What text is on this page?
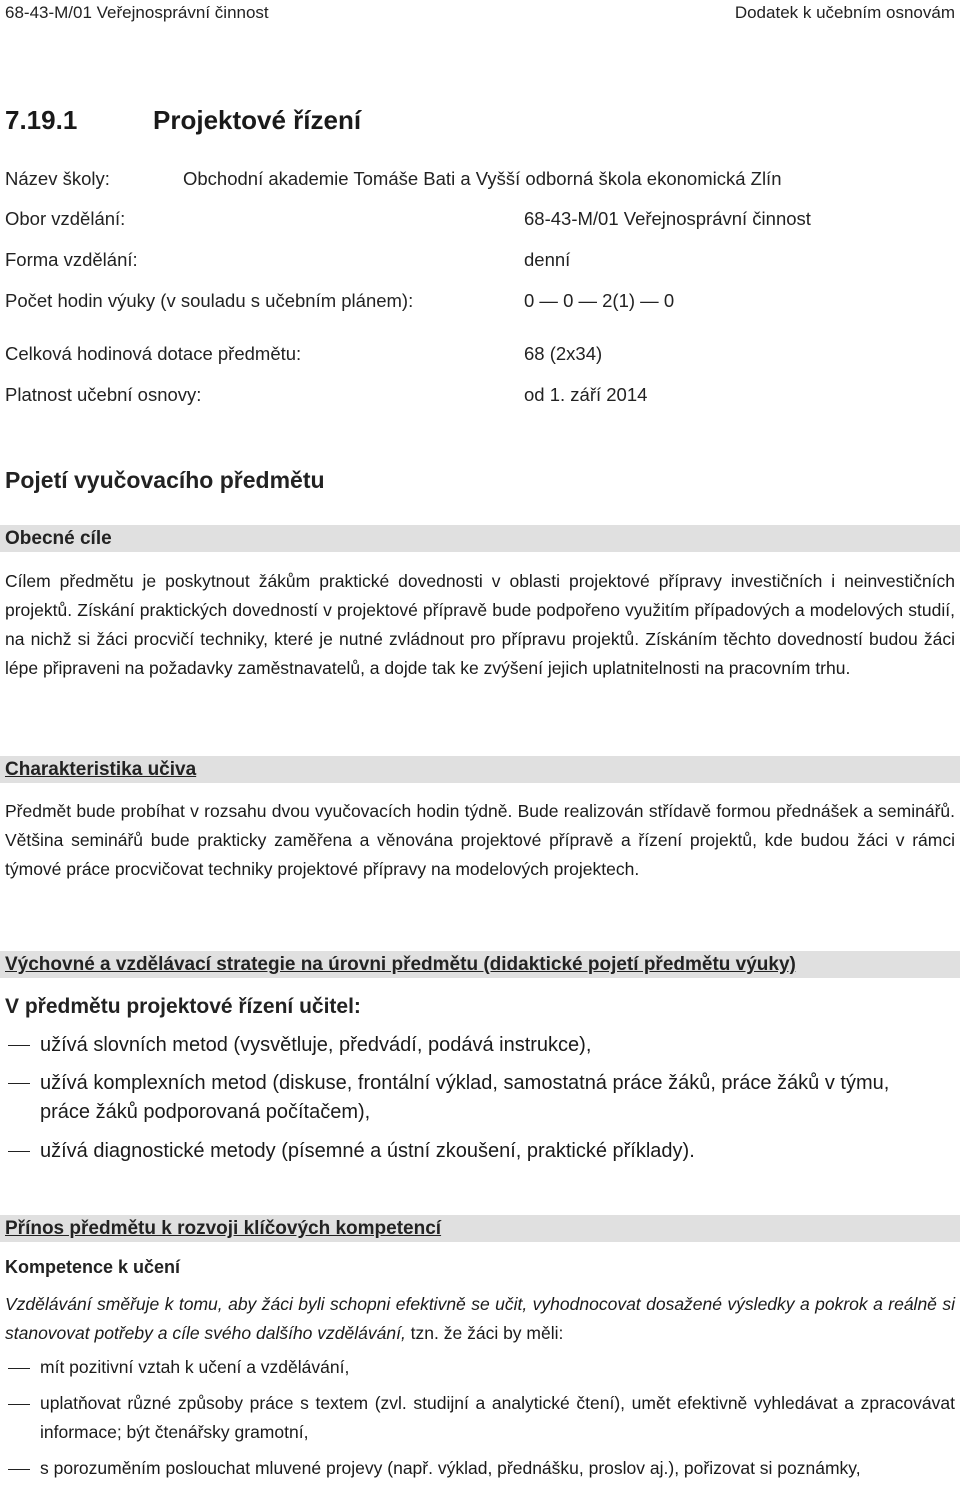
68-43-M/01 Veřejnosprávní činnost	Dodatek k učebním osnovám
7.19.1	Projektové řízení
Název školy:	Obchodní akademie Tomáše Bati a Vyšší odborná škola ekonomická Zlín
Obor vzdělání:	68-43-M/01 Veřejnosprávní činnost
Forma vzdělání:	denní
Počet hodin výuky (v souladu s učebním plánem):	0 — 0 — 2(1) — 0
Celková hodinová dotace předmětu:	68 (2x34)
Platnost učební osnovy:	od 1. září 2014
Pojetí vyučovacího předmětu
Obecné cíle
Cílem předmětu je poskytnout žákům praktické dovednosti v oblasti projektové přípravy investičních i neinvestičních projektů. Získání praktických dovedností v projektové přípravě bude podpořeno využitím případových a modelových studií, na nichž si žáci procvičí techniky, které je nutné zvládnout pro přípravu projektů. Získáním těchto dovedností budou žáci lépe připraveni na požadavky zaměstnavatelů, a dojde tak ke zvýšení jejich uplatnitelnosti na pracovním trhu.
Charakteristika učiva
Předmět bude probíhat v rozsahu dvou vyučovacích hodin týdně. Bude realizován střídavě formou přednášek a seminářů. Většina seminářů bude prakticky zaměřena a věnována projektové přípravě a řízení projektů, kde budou žáci v rámci týmové práce procvičovat techniky projektové přípravy na modelových projektech.
Výchovné a vzdělávací strategie na úrovni předmětu (didaktické pojetí předmětu výuky)
V předmětu projektové řízení učitel:
užívá slovních metod (vysvětluje, předvádí, podává instrukce),
užívá komplexních metod (diskuse, frontální výklad, samostatná práce žáků, práce žáků v týmu, práce žáků podporovaná počítačem),
užívá diagnostické metody (písemné a ústní zkoušení, praktické příklady).
Přínos předmětu k rozvoji klíčových kompetencí
Kompetence k učení
Vzdělávání směřuje k tomu, aby žáci byli schopni efektivně se učit, vyhodnocovat dosažené výsledky a pokrok a reálně si stanovovat potřeby a cíle svého dalšího vzdělávání, tzn. že žáci by měli:
mít pozitivní vztah k učení a vzdělávání,
uplatňovat různé způsoby práce s textem (zvl. studijní a analytické čtení), umět efektivně vyhledávat a zpracovávat informace; být čtenářsky gramotní,
s porozuměním poslouchat mluvené projevy (např. výklad, přednášku, proslov aj.), pořizovat si poznámky,
